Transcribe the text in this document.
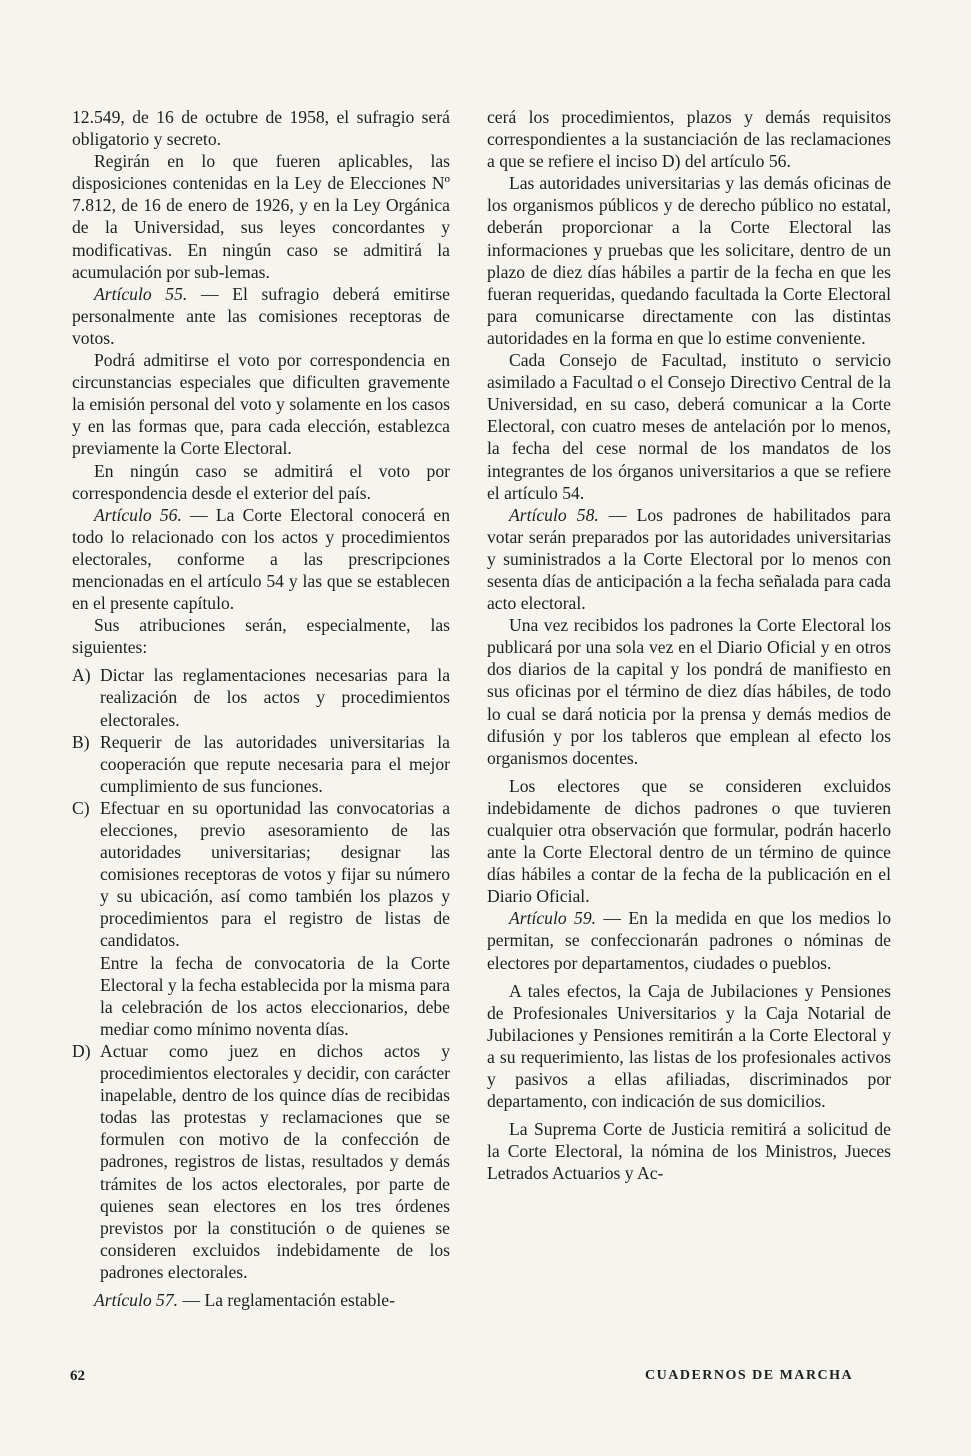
12.549, de 16 de octubre de 1958, el sufragio será obligatorio y secreto.

Regirán en lo que fueren aplicables, las disposiciones contenidas en la Ley de Elecciones Nº 7.812, de 16 de enero de 1926, y en la Ley Orgánica de la Universidad, sus leyes concordantes y modificativas. En ningún caso se admitirá la acumulación por sub-lemas.

Artículo 55. — El sufragio deberá emitirse personalmente ante las comisiones receptoras de votos.

Podrá admitirse el voto por correspondencia en circunstancias especiales que dificulten gravemente la emisión personal del voto y solamente en los casos y en las formas que, para cada elección, establezca previamente la Corte Electoral.

En ningún caso se admitirá el voto por correspondencia desde el exterior del país.

Artículo 56. — La Corte Electoral conocerá en todo lo relacionado con los actos y procedimientos electorales, conforme a las prescripciones mencionadas en el artículo 54 y las que se establecen en el presente capítulo.

Sus atribuciones serán, especialmente, las siguientes:

A) Dictar las reglamentaciones necesarias para la realización de los actos y procedimientos electorales.
B) Requerir de las autoridades universitarias la cooperación que repute necesaria para el mejor cumplimiento de sus funciones.
C) Efectuar en su oportunidad las convocatorias a elecciones, previo asesoramiento de las autoridades universitarias; designar las comisiones receptoras de votos y fijar su número y su ubicación, así como también los plazos y procedimientos para el registro de listas de candidatos.

Entre la fecha de convocatoria de la Corte Electoral y la fecha establecida por la misma para la celebración de los actos eleccionarios, debe mediar como mínimo noventa días.

D) Actuar como juez en dichos actos y procedimientos electorales y decidir, con carácter inapelable, dentro de los quince días de recibidas todas las protestas y reclamaciones que se formulen con motivo de la confección de padrones, registros de listas, resultados y demás trámites de los actos electorales, por parte de quienes sean electores en los tres órdenes previstos por la constitución o de quienes se consideren excluidos indebidamente de los padrones electorales.

Artículo 57. — La reglamentación estable-

cerá los procedimientos, plazos y demás requisitos correspondientes a la sustanciación de las reclamaciones a que se refiere el inciso D) del artículo 56.

Las autoridades universitarias y las demás oficinas de los organismos públicos y de derecho público no estatal, deberán proporcionar a la Corte Electoral las informaciones y pruebas que les solicitare, dentro de un plazo de diez días hábiles a partir de la fecha en que les fueran requeridas, quedando facultada la Corte Electoral para comunicarse directamente con las distintas autoridades en la forma en que lo estime conveniente.

Cada Consejo de Facultad, instituto o servicio asimilado a Facultad o el Consejo Directivo Central de la Universidad, en su caso, deberá comunicar a la Corte Electoral, con cuatro meses de antelación por lo menos, la fecha del cese normal de los mandatos de los integrantes de los órganos universitarios a que se refiere el artículo 54.

Artículo 58. — Los padrones de habilitados para votar serán preparados por las autoridades universitarias y suministrados a la Corte Electoral por lo menos con sesenta días de anticipación a la fecha señalada para cada acto electoral.

Una vez recibidos los padrones la Corte Electoral los publicará por una sola vez en el Diario Oficial y en otros dos diarios de la capital y los pondrá de manifiesto en sus oficinas por el término de diez días hábiles, de todo lo cual se dará noticia por la prensa y demás medios de difusión y por los tableros que emplean al efecto los organismos docentes.

Los electores que se consideren excluidos indebidamente de dichos padrones o que tuvieren cualquier otra observación que formular, podrán hacerlo ante la Corte Electoral dentro de un término de quince días hábiles a contar de la fecha de la publicación en el Diario Oficial.

Artículo 59. — En la medida en que los medios lo permitan, se confeccionarán padrones o nóminas de electores por departamentos, ciudades o pueblos.

A tales efectos, la Caja de Jubilaciones y Pensiones de Profesionales Universitarios y la Caja Notarial de Jubilaciones y Pensiones remitirán a la Corte Electoral y a su requerimiento, las listas de los profesionales activos y pasivos a ellas afiliadas, discriminados por departamento, con indicación de sus domicilios.

La Suprema Corte de Justicia remitirá a solicitud de la Corte Electoral, la nómina de los Ministros, Jueces Letrados Actuarios y Ac-

62	CUADERNOS DE MARCHA
